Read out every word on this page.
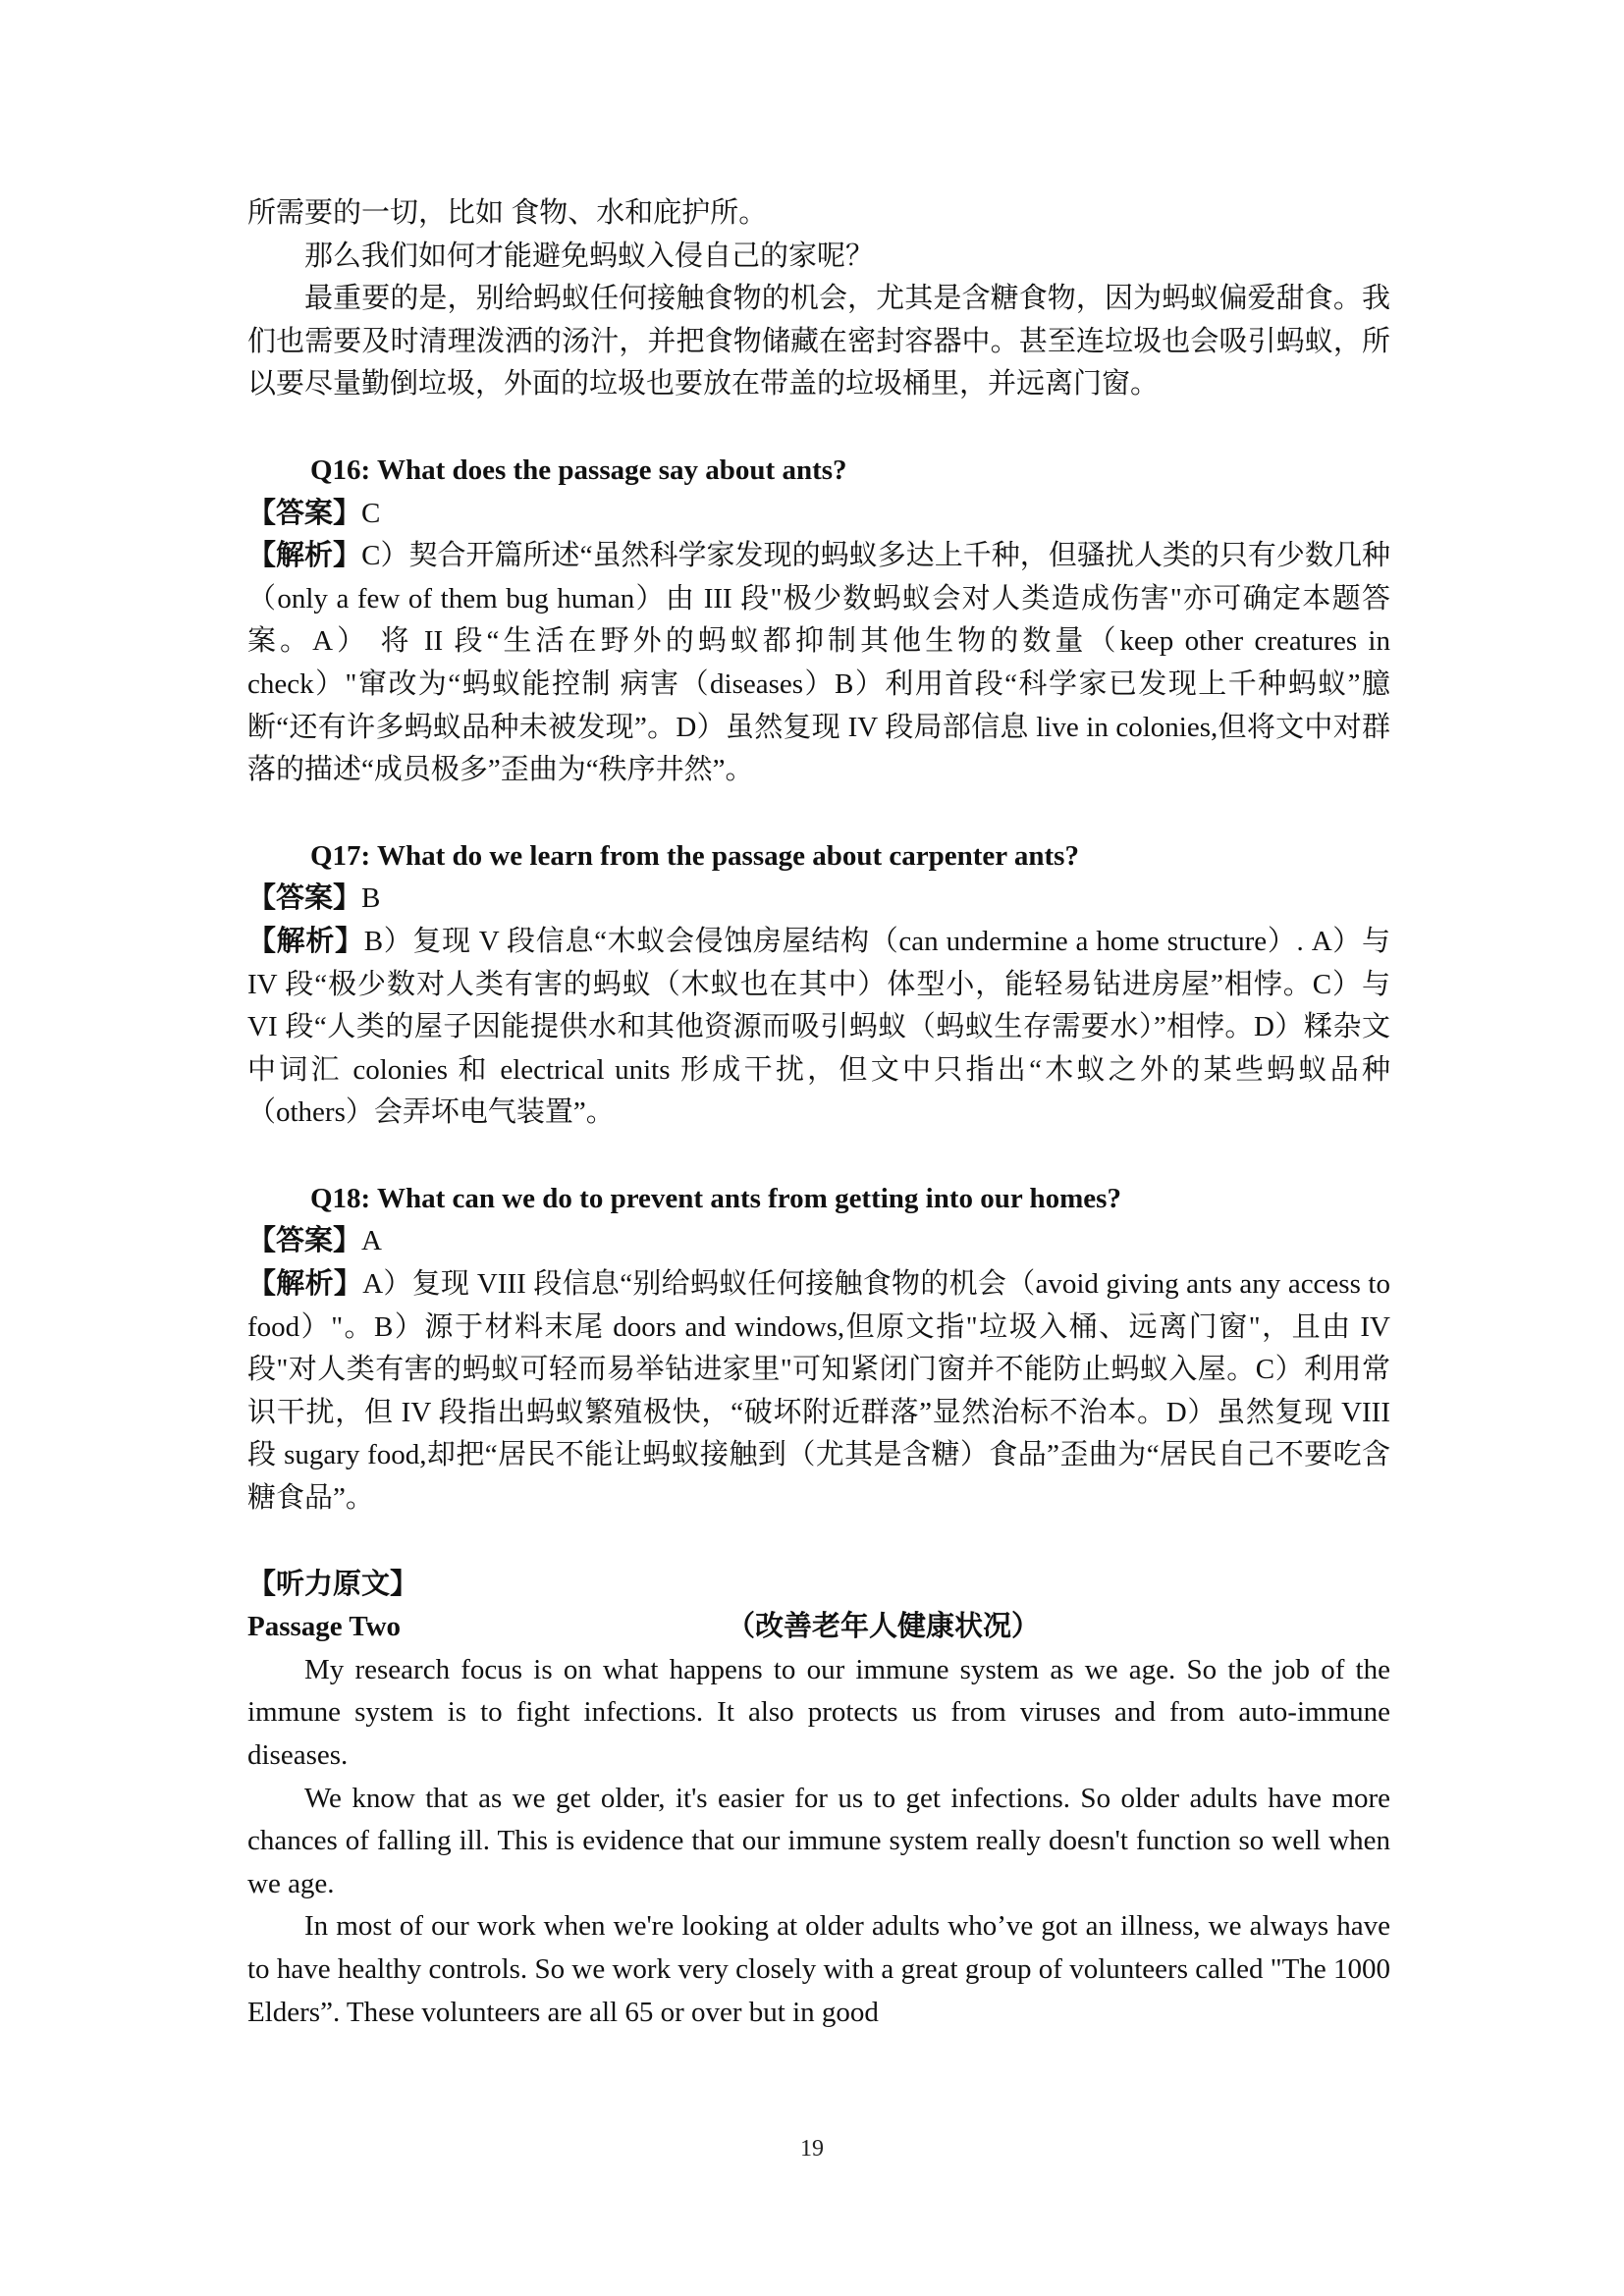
所需要的一切，比如 食物、水和庇护所。

那么我们如何才能避免蚂蚁入侵自己的家呢？

最重要的是，别给蚂蚁任何接触食物的机会，尤其是含糖食物，因为蚂蚁偏爱甜食。我们也需要及时清理泼洒的汤汁，并把食物储藏在密封容器中。甚至连垃圾也会吸引蚂蚁，所以要尽量勤倒垃圾，外面的垃圾也要放在带盖的垃圾桶里，并远离门窗。

Q16: What does the passage say about ants?

【答案】C

【解析】C）契合开篇所述“虽然科学家发现的蚂蚁多达上千种，但骚扰人类的只有少数几种（only a few of them bug human）由 III 段"极少数蚂蚁会对人类造成伤害"亦可确定本题答案。A） 将 II 段“生活在野外的蚂蚁都抑制其他生物的数量（keep other creatures in check）"窜改为“蚂蚁能控制 病害（diseases）B）利用首段“科学家已发现上千种蚂蚁”臆断“还有许多蚂蚁品种未被发现”。D）虽然复现 IV 段局部信息 live in colonies,但将文中对群落的描述“成员极多”歪曲为“秩序井然”。

Q17: What do we learn from the passage about carpenter ants?

【答案】B

【解析】B）复现 V 段信息“木蚁会侵蚀房屋结构（can undermine a home structure）. A）与 IV 段“极少数对人类有害的蚂蚁（木蚁也在其中）体型小，能轻易钻进房屋”相悖。C）与 VI 段“人类的屋子因能提供水和其他资源而吸引蚂蚁（蚂蚁生存需要水）”相悖。D）糅杂文中词汇 colonies 和 electrical units 形成干扰，但文中只指出“木蚁之外的某些蚂蚁品种（others）会弄坏电气装置”。

Q18: What can we do to prevent ants from getting into our homes?

【答案】A

【解析】A）复现 VIII 段信息“别给蚂蚁任何接触食物的机会（avoid giving ants any access to food）"。B）源于材料末尾 doors and windows,但原文指"垃圾入桶、远离门窗"，且由 IV 段"对人类有害的蚂蚁可轻而易举钻进家里"可知紧闭门窗并不能防止蚂蚁入屋。C）利用常识干扰，但 IV 段指出蚂蚁繁殖极快，“破坏附近群落”显然治标不治本。D）虽然复现 VIII 段 sugary food,却把“居民不能让蚂蚁接触到（尤其是含糖）食品”歪曲为“居民自己不要吃含糖食品”。

【听力原文】

Passage Two	（改善老年人健康状况）

My research focus is on what happens to our immune system as we age. So the job of the immune system is to fight infections. It also protects us from viruses and from auto-immune diseases.

We know that as we get older, it's easier for us to get infections. So older adults have more chances of falling ill. This is evidence that our immune system really doesn't function so well when we age.

In most of our work when we're looking at older adults who’ve got an illness, we always have to have healthy controls. So we work very closely with a great group of volunteers called "The 1000 Elders”. These volunteers are all 65 or over but in good

19
